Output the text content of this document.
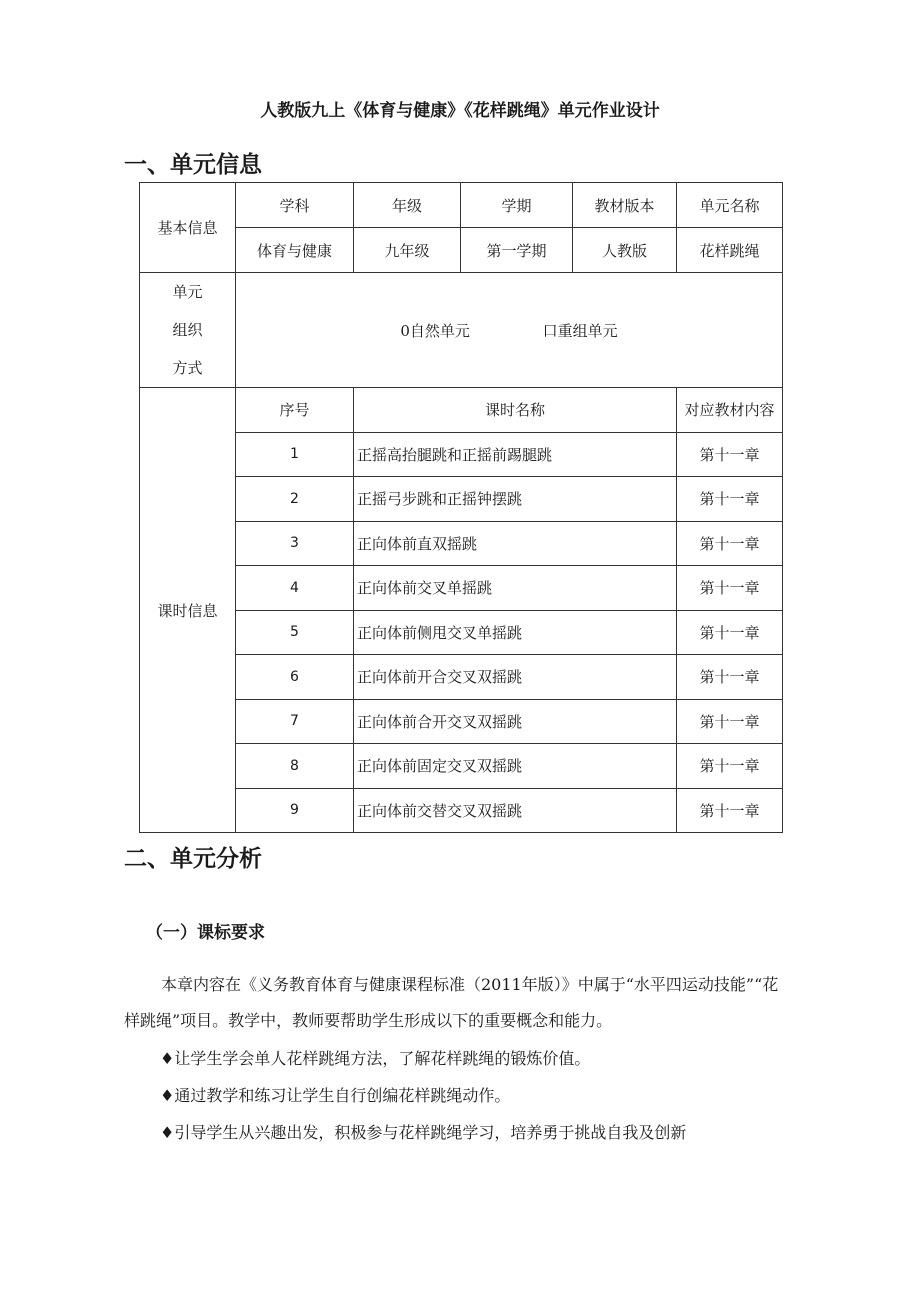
人教版九上《体育与健康》《花样跳绳》单元作业设计
一、单元信息
基本信息	学科	年级	学期	教材版本	单元名称
	体育与健康	九年级	第一学期	人教版	花样跳绳

单元
组织
方式	0自然单元 口重组单元				
课时信息	序号	课时名称			对应教材内容
	1	正摇高抬腿跳和正摇前踢腿跳			第十一章
	2	正摇弓步跳和正摇钟摆跳			第十一章
	3	正向体前直双摇跳			第十一章
	4	正向体前交叉单摇跳			第十一章
	5	正向体前侧甩交叉单摇跳			第十一章
	6	正向体前开合交叉双摇跳			第十一章
	7	正向体前合开交叉双摇跳			第十一章
	8	正向体前固定交叉双摇跳			第十一章
	9	正向体前交替交叉双摇跳			第十一章
二、单元分析
（一）课标要求
本章内容在《义务教育体育与健康课程标准（2011年版）》中属于“水平四运动技能”“花样跳绳”项目。教学中，教师要帮助学生形成以下的重要概念和能力。
♦让学生学会单人花样跳绳方法，了解花样跳绳的锻炼价值。
♦通过教学和练习让学生自行创编花样跳绳动作。
♦引导学生从兴趣出发，积极参与花样跳绳学习，培养勇于挑战自我及创新
